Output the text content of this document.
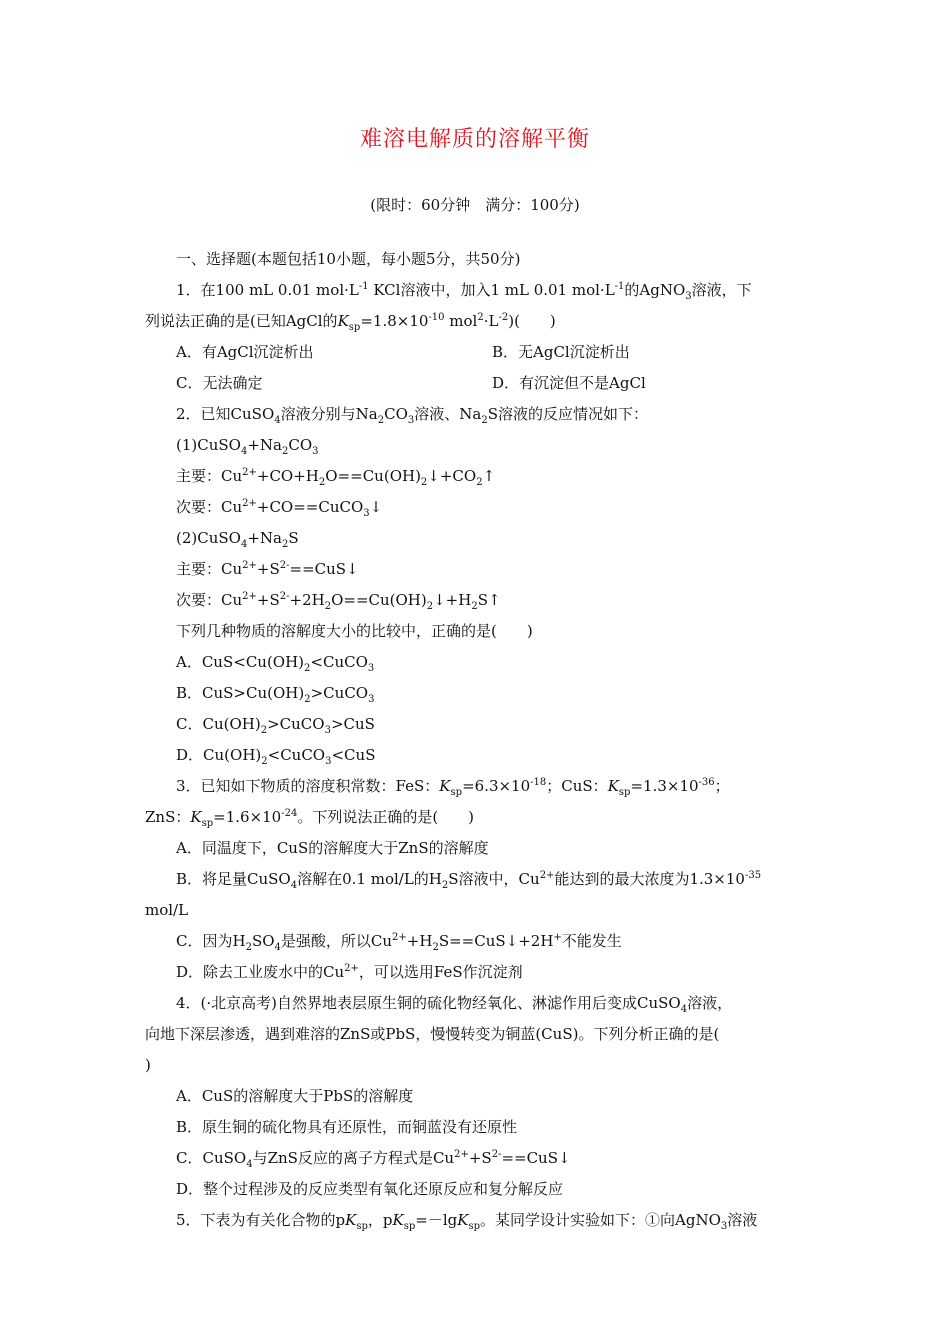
难溶电解质的溶解平衡
(限时：60分钟　满分：100分)
一、选择题(本题包括10小题，每小题5分，共50分)
1．在100 mL 0.01 $mol\cdot L^{-1}$ KCl溶液中，加入1 mL 0.01 $mol\cdot L^{-1}$的AgNO$_3$溶液，下
列说法正确的是(已知AgCl的$K_{sp}=1.8\times 10^{-10}$ $mol^2\cdot L^{-2}$)(　　)
A．有AgCl沉淀析出	B．无AgCl沉淀析出
C．无法确定	D．有沉淀但不是AgCl
2．已知CuSO$_4$溶液分别与$Na_2CO_3$溶液、$Na_2S$溶液的反应情况如下：
$(1)CuSO_4+Na_2CO_3$
主要：$Cu^{2+}+CO+H_2O==Cu(OH)_2↓+CO_2↑$
次要：$Cu^{2+}+CO==CuCO_3↓$
$(2)CuSO_4+Na_2S$
主要：$Cu^{2+}+S^{2-}==CuS↓$
次要：$Cu^{2+}+S^{2-}+2H_2O==Cu(OH)_2↓+H_2S↑$
下列几种物质的溶解度大小的比较中，正确的是(　　)
A．$CuS<Cu(OH)_2<CuCO_3$
B．$CuS>Cu(OH)_2>CuCO_3$
C．$Cu(OH)_2>CuCO_3>CuS$
D．$Cu(OH)_2<CuCO_3<CuS$
3．已知如下物质的溶度积常数：FeS：$K_{sp}=6.3\times 10^{-18}$；CuS：$K_{sp}=1.3\times 10^{-36}$；
ZnS：$K_{sp}=1.6\times 10^{-24}$。下列说法正确的是(　　)
A．同温度下，CuS的溶解度大于ZnS的溶解度
B．将足量CuSO$_4$溶解在0.1 mol/L的$H_2S$溶液中，$Cu^{2+}$能达到的最大浓度为$1.3\times 10^{-35}$
mol/L
C．因为$H_2SO_4$是强酸，所以$Cu^{2+}+H_2S==CuS↓+2H^+$不能发生
D．除去工业废水中的$Cu^{2+}$，可以选用FeS作沉淀剂
4．(·北京高考)自然界地表层原生铜的硫化物经氧化、淋滤作用后变成CuSO$_4$溶液，
向地下深层渗透，遇到难溶的ZnS或PbS，慢慢转变为铜蓝(CuS)。下列分析正确的是(
)
A．CuS的溶解度大于PbS的溶解度
B．原生铜的硫化物具有还原性，而铜蓝没有还原性
C．CuSO$_4$与ZnS反应的离子方程式是$Cu^{2+}+S^{2-}==CuS↓$
D．整个过程涉及的反应类型有氧化还原反应和复分解反应
5．下表为有关化合物的$pK_{sp}$，$pK_{sp}=-\lg K_{sp}$。某同学设计实验如下：①向AgNO$_3$溶液
